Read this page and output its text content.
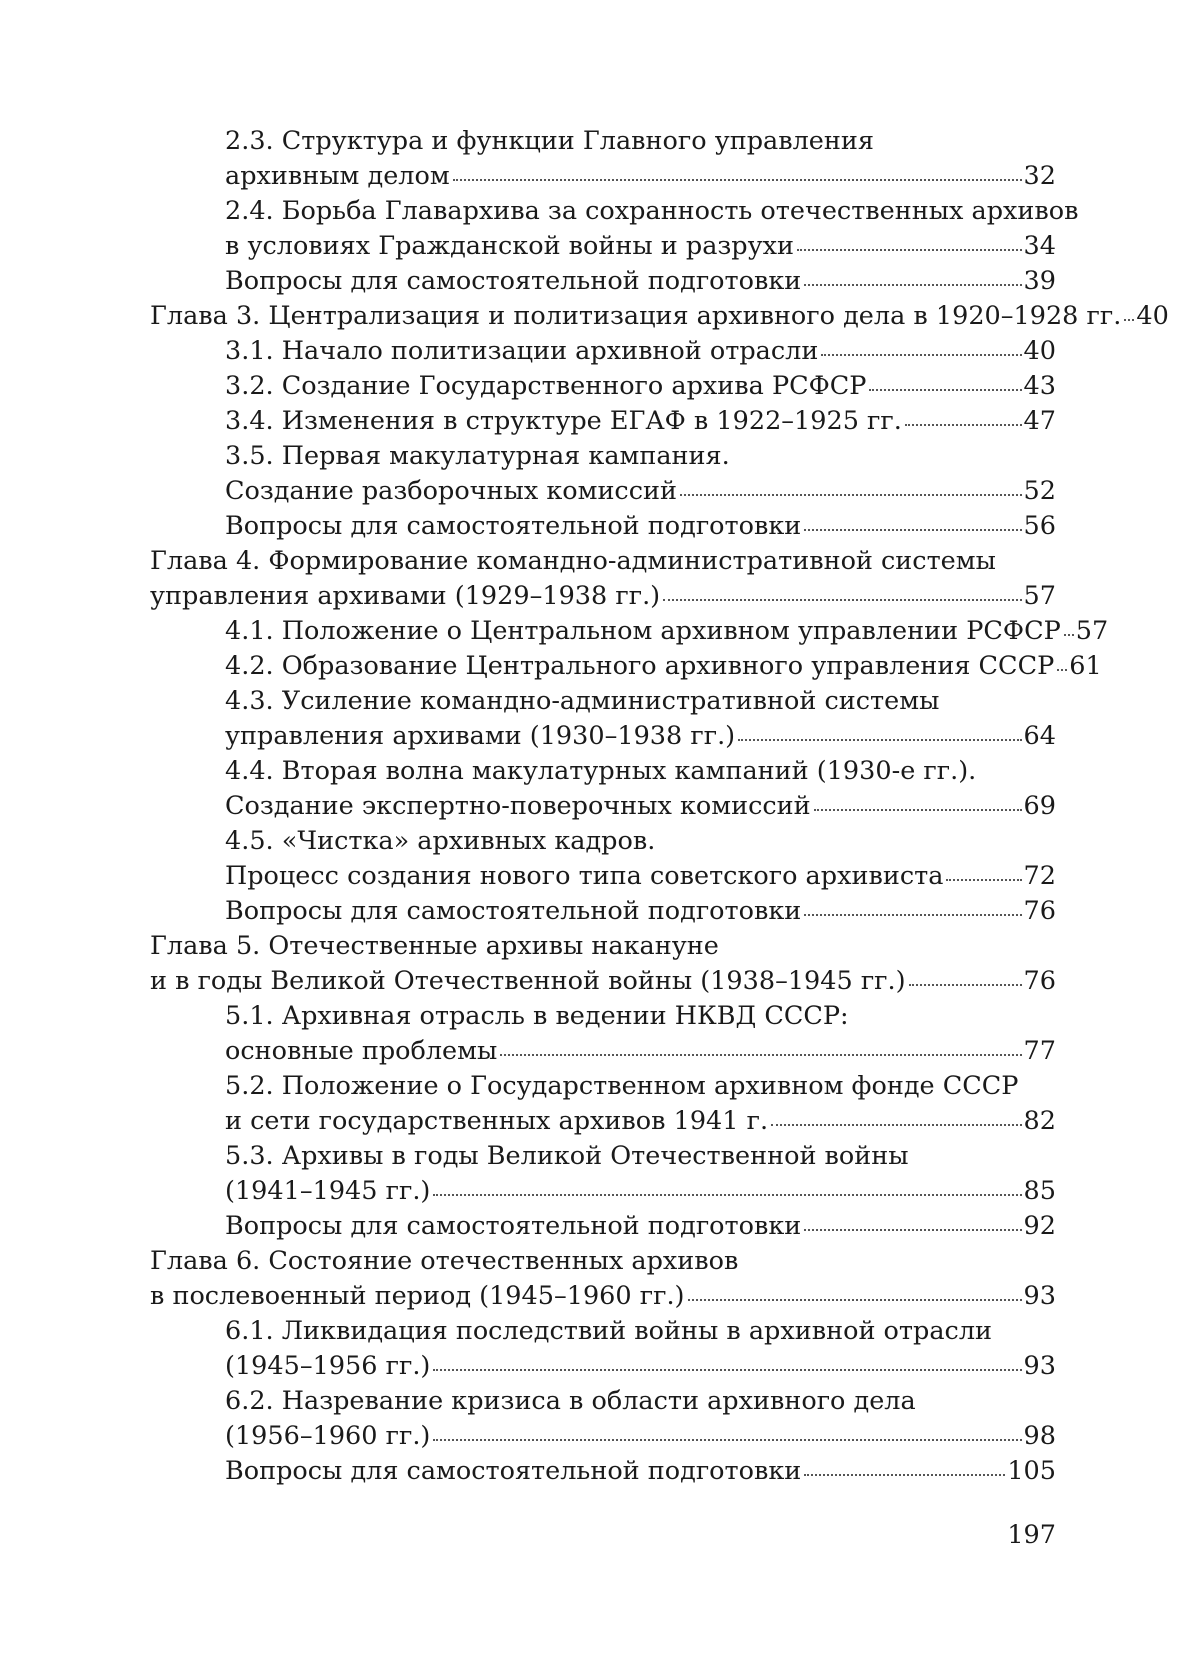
2.3. Структура и функции Главного управления
архивным делом	32
2.4. Борьба Главархива за сохранность отечественных архивов
в условиях Гражданской войны и разрухи	34
Вопросы для самостоятельной подготовки	39
Глава 3. Централизация и политизация архивного дела в 1920–1928 гг. 40
3.1. Начало политизации архивной отрасли	40
3.2. Создание Государственного архива РСФСР	43
3.4. Изменения в структуре ЕГАФ в 1922–1925 гг.	47
3.5. Первая макулатурная кампания.
Создание разборочных комиссий	52
Вопросы для самостоятельной подготовки	56
Глава 4. Формирование командно-административной системы
управления архивами (1929–1938 гг.)	57
4.1. Положение о Центральном архивном управлении РСФСР 57
4.2. Образование Центрального архивного управления СССР 61
4.3. Усиление командно-административной системы
управления архивами (1930–1938 гг.)	64
4.4. Вторая волна макулатурных кампаний (1930-е гг.).
Создание экспертно-поверочных комиссий	69
4.5. «Чистка» архивных кадров.
Процесс создания нового типа советского архивиста	72
Вопросы для самостоятельной подготовки	76
Глава 5. Отечественные архивы накануне
и в годы Великой Отечественной войны (1938–1945 гг.)	76
5.1. Архивная отрасль в ведении НКВД СССР:
основные проблемы	77
5.2. Положение о Государственном архивном фонде СССР
и сети государственных архивов 1941 г.	82
5.3. Архивы в годы Великой Отечественной войны
(1941–1945 гг.)	85
Вопросы для самостоятельной подготовки	92
Глава 6. Состояние отечественных архивов
в послевоенный период (1945–1960 гг.)	93
6.1. Ликвидация последствий войны в архивной отрасли
(1945–1956 гг.)	93
6.2. Назревание кризиса в области архивного дела
(1956–1960 гг.)	98
Вопросы для самостоятельной подготовки	105
197
